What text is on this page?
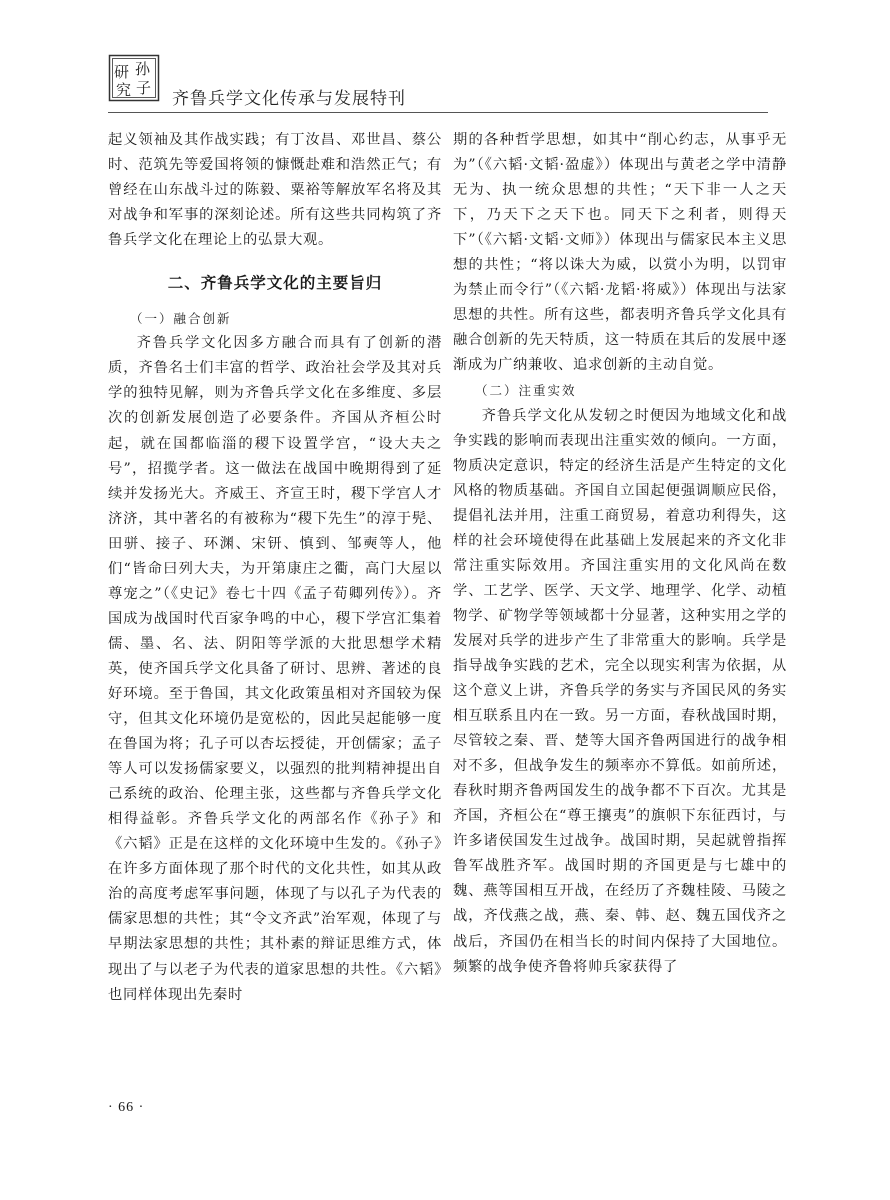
研
究
孙
子
齐鲁兵学文化传承与发展特刊

起义领袖及其作战实践；有丁汝昌、邓世昌、蔡公时、范筑先等爱国将领的慷慨赴难和浩然正气；有曾经在山东战斗过的陈毅、粟裕等解放军名将及其对战争和军事的深刻论述。所有这些共同构筑了齐鲁兵学文化在理论上的弘景大观。

二、齐鲁兵学文化的主要旨归
（一）融合创新

齐鲁兵学文化因多方融合而具有了创新的潜质，齐鲁名士们丰富的哲学、政治社会学及其对兵学的独特见解，则为齐鲁兵学文化在多维度、多层次的创新发展创造了必要条件。齐国从齐桓公时起，就在国都临淄的稷下设置学宫，“设大夫之号”，招揽学者。这一做法在战国中晚期得到了延续并发扬光大。齐威王、齐宣王时，稷下学宫人才济济，其中著名的有被称为“稷下先生”的淳于髡、田骈、接子、环渊、宋钘、慎到、邹奭等人，他们“皆命曰列大夫，为开第康庄之衢，高门大屋以尊宠之”（《史记》卷七十四《孟子荀卿列传》）。齐国成为战国时代百家争鸣的中心，稷下学宫汇集着儒、墨、名、法、阴阳等学派的大批思想学术精英，使齐国兵学文化具备了研讨、思辨、著述的良好环境。至于鲁国，其文化政策虽相对齐国较为保守，但其文化环境仍是宽松的，因此吴起能够一度在鲁国为将；孔子可以杏坛授徒，开创儒家；孟子等人可以发扬儒家要义，以强烈的批判精神提出自己系统的政治、伦理主张，这些都与齐鲁兵学文化相得益彰。齐鲁兵学文化的两部名作《孙子》和《六韬》正是在这样的文化环境中生发的。《孙子》在许多方面体现了那个时代的文化共性，如其从政治的高度考虑军事问题，体现了与以孔子为代表的儒家思想的共性；其“令文齐武”治军观，体现了与早期法家思想的共性；其朴素的辩证思维方式，体现出了与以老子为代表的道家思想的共性。《六韬》也同样体现出先秦时

期的各种哲学思想，如其中“削心约志，从事乎无为”（《六韬·文韬·盈虚》）体现出与黄老之学中清静无为、执一统众思想的共性；“天下非一人之天下，乃天下之天下也。同天下之利者，则得天下”（《六韬·文韬·文师》）体现出与儒家民本主义思想的共性；“将以诛大为威，以赏小为明，以罚审为禁止而令行”（《六韬·龙韬·将威》）体现出与法家思想的共性。所有这些，都表明齐鲁兵学文化具有融合创新的先天特质，这一特质在其后的发展中逐渐成为广纳兼收、追求创新的主动自觉。

（二）注重实效

齐鲁兵学文化从发轫之时便因为地域文化和战争实践的影响而表现出注重实效的倾向。一方面，物质决定意识，特定的经济生活是产生特定的文化风格的物质基础。齐国自立国起便强调顺应民俗，提倡礼法并用，注重工商贸易，着意功利得失，这样的社会环境使得在此基础上发展起来的齐文化非常注重实际效用。齐国注重实用的文化风尚在数学、工艺学、医学、天文学、地理学、化学、动植物学、矿物学等领域都十分显著，这种实用之学的发展对兵学的进步产生了非常重大的影响。兵学是指导战争实践的艺术，完全以现实利害为依据，从这个意义上讲，齐鲁兵学的务实与齐国民风的务实相互联系且内在一致。另一方面，春秋战国时期，尽管较之秦、晋、楚等大国齐鲁两国进行的战争相对不多，但战争发生的频率亦不算低。如前所述，春秋时期齐鲁两国发生的战争都不下百次。尤其是齐国，齐桓公在“尊王攘夷”的旗帜下东征西讨，与许多诸侯国发生过战争。战国时期，吴起就曾指挥鲁军战胜齐军。战国时期的齐国更是与七雄中的魏、燕等国相互开战，在经历了齐魏桂陵、马陵之战，齐伐燕之战，燕、秦、韩、赵、魏五国伐齐之战后，齐国仍在相当长的时间内保持了大国地位。频繁的战争使齐鲁将帅兵家获得了

· 66 ·
